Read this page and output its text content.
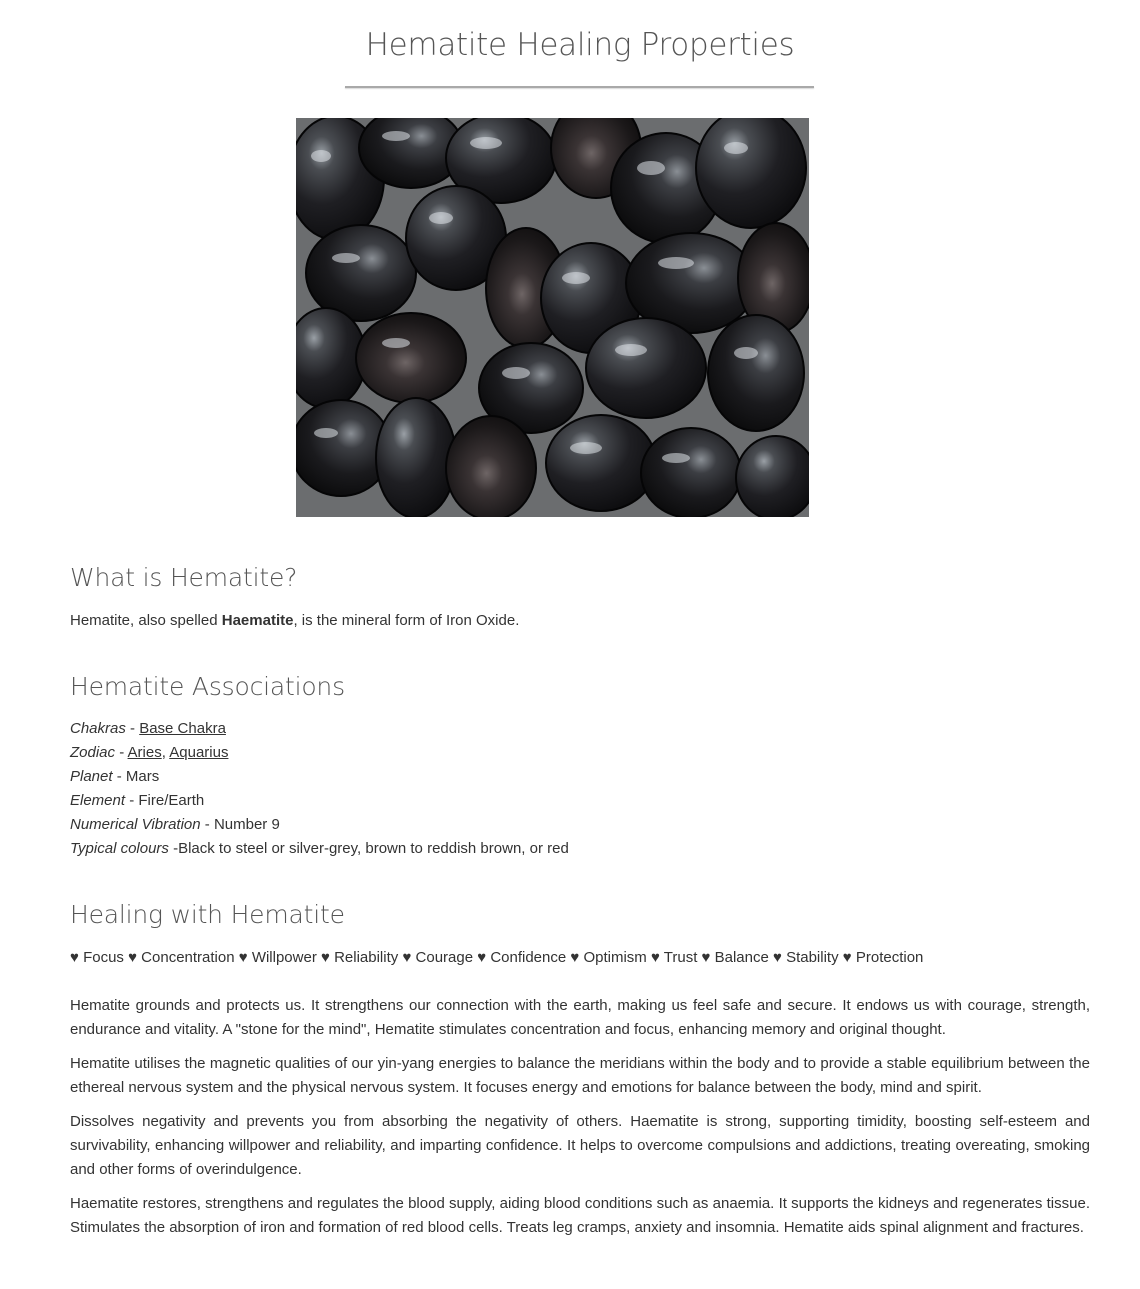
Hematite Healing Properties
What is Hematite?

Hematite, also spelled Haematite, is the mineral form of Iron Oxide.

Hematite Associations
Chakras - Base Chakra
Zodiac - Aries, Aquarius
Planet - Mars
Element - Fire/Earth
Numerical Vibration - Number 9
Typical colours -Black to steel or silver-grey, brown to reddish brown, or red
Healing with Hematite

♥ Focus ♥ Concentration ♥ Willpower ♥ Reliability ♥ Courage ♥ Confidence ♥ Optimism ♥ Trust ♥ Balance ♥ Stability ♥ Protection

Hematite grounds and protects us. It strengthens our connection with the earth, making us feel safe and secure. It endows us with courage, strength, endurance and vitality. A "stone for the mind", Hematite stimulates concentration and focus, enhancing memory and original thought.

Hematite utilises the magnetic qualities of our yin-yang energies to balance the meridians within the body and to provide a stable equilibrium between the ethereal nervous system and the physical nervous system. It focuses energy and emotions for balance between the body, mind and spirit.

Dissolves negativity and prevents you from absorbing the negativity of others. Haematite is strong, supporting timidity, boosting self-esteem and survivability, enhancing willpower and reliability, and imparting confidence. It helps to overcome compulsions and addictions, treating overeating, smoking and other forms of overindulgence.

Haematite restores, strengthens and regulates the blood supply, aiding blood conditions such as anaemia. It supports the kidneys and regenerates tissue. Stimulates the absorption of iron and formation of red blood cells. Treats leg cramps, anxiety and insomnia. Hematite aids spinal alignment and fractures.
